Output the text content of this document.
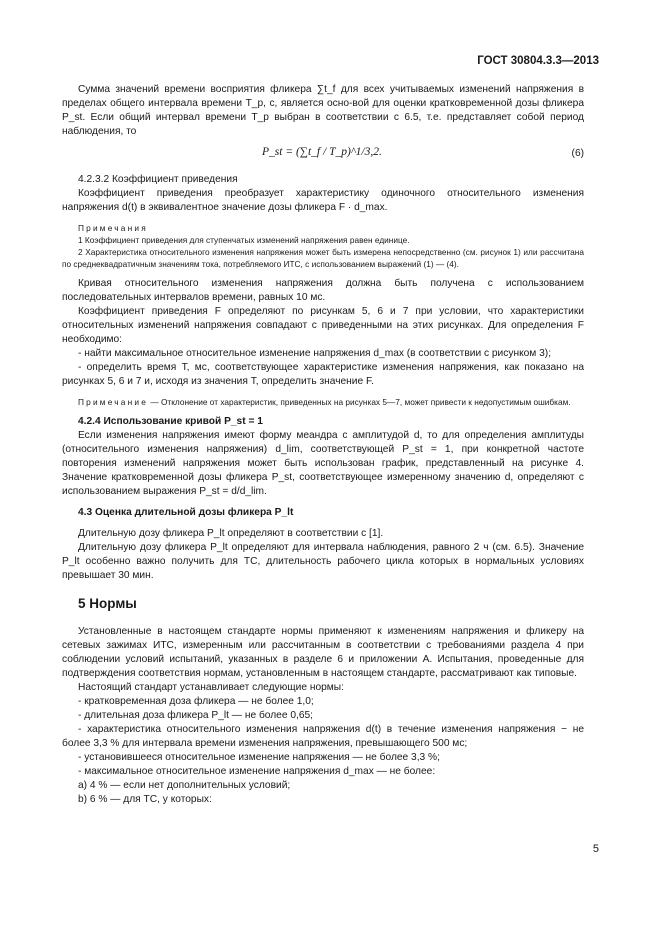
ГОСТ 30804.3.3—2013

Сумма значений времени восприятия фликера ∑t_f для всех учитываемых изменений напряжения в пределах общего интервала времени T_p, с, является осно-вой для оценки кратковременной дозы фликера P_st. Если общий интервал времени T_p выбран в соответствии с 6.5, т.е. представляет собой период наблюдения, то

P_st = (∑t_f / T_p)^1/3,2.	(6)

4.2.3.2 Коэффициент приведения

Коэффициент приведения преобразует характеристику одиночного относительного изменения напряжения d(t) в эквивалентное значение дозы фликера F · d_max.

Примечания

1 Коэффициент приведения для ступенчатых изменений напряжения равен единице.

2 Характеристика относительного изменения напряжения может быть измерена непосредственно (см. рисунок 1) или рассчитана по среднеквадратичным значениям тока, потребляемого ИТС, с использованием выражений (1) — (4).

Кривая относительного изменения напряжения должна быть получена с использованием последовательных интервалов времени, равных 10 мс.

Коэффициент приведения F определяют по рисункам 5, 6 и 7 при условии, что характеристики относительных изменений напряжения совпадают с приведенными на этих рисунках. Для определения F необходимо:

- найти максимальное относительное изменение напряжения d_max (в соответствии с рисунком 3);

- определить время T, мс, соответствующее характеристике изменения напряжения, как показано на рисунках 5, 6 и 7 и, исходя из значения T, определить значение F.

Примечание — Отклонение от характеристик, приведенных на рисунках 5—7, может привести к недопустимым ошибкам.

4.2.4 Использование кривой P_st = 1

Если изменения напряжения имеют форму меандра с амплитудой d, то для определения амплитуды (относительного изменения напряжения) d_lim, соответствующей P_st = 1, при конкретной частоте повторения изменений напряжения может быть использован график, представленный на рисунке 4. Значение кратковременной дозы фликера P_st, соответствующее измеренному значению d, определяют с использованием выражения P_st = d/d_lim.

4.3 Оценка длительной дозы фликера P_lt

Длительную дозу фликера P_lt определяют в соответствии с [1].

Длительную дозу фликера P_lt определяют для интервала наблюдения, равного 2 ч (см. 6.5). Значение P_lt особенно важно получить для ТС, длительность рабочего цикла которых в нормальных условиях превышает 30 мин.

5 Нормы

Установленные в настоящем стандарте нормы применяют к изменениям напряжения и фликеру на сетевых зажимах ИТС, измеренным или рассчитанным в соответствии с требованиями раздела 4 при соблюдении условий испытаний, указанных в разделе 6 и приложении А. Испытания, проведенные для подтверждения соответствия нормам, установленным в настоящем стандарте, рассматривают как типовые.

Настоящий стандарт устанавливает следующие нормы:

- кратковременная доза фликера — не более 1,0;

- длительная доза фликера P_lt — не более 0,65;

- характеристика относительного изменения напряжения d(t) в течение изменения напряжения − не более 3,3 % для интервала времени изменения напряжения, превышающего 500 мс;

- установившееся относительное изменение напряжения — не более 3,3 %;

- максимальное относительное изменение напряжения d_max — не более:

a) 4 % — если нет дополнительных условий;

b) 6 % — для ТС, у которых:

5
